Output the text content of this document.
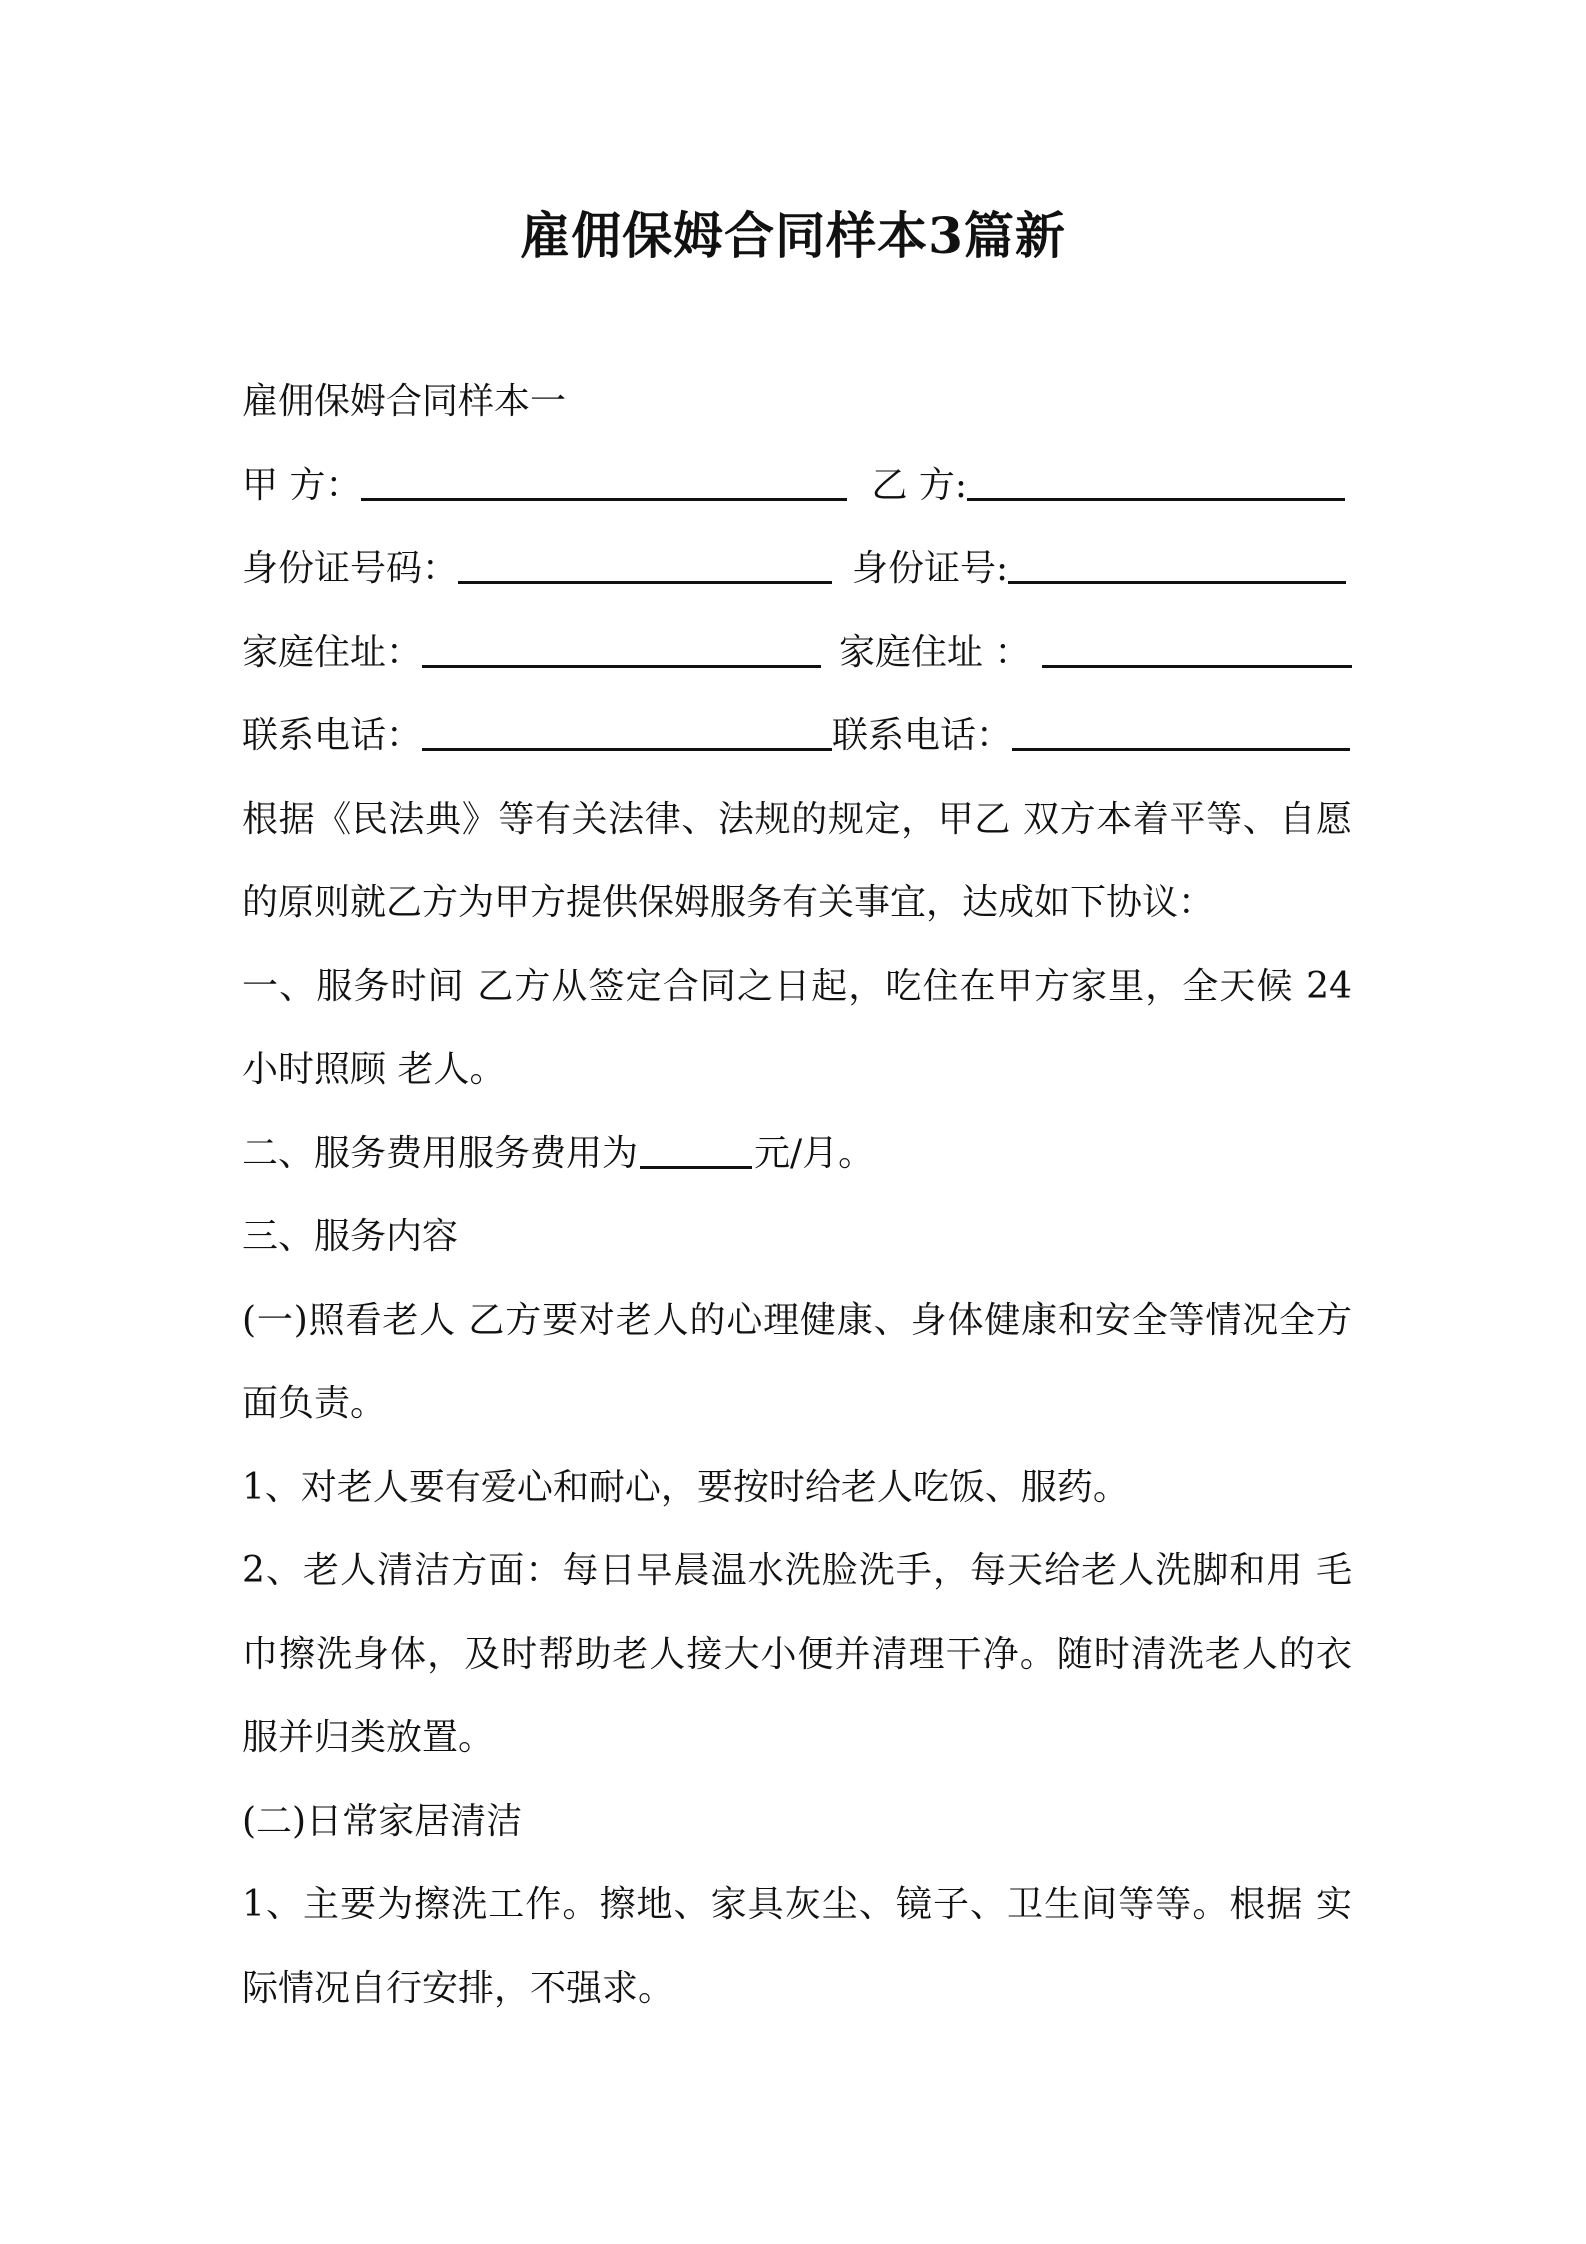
雇佣保姆合同样本3篇新

雇佣保姆合同样本一

甲 方：	乙 方:
身份证号码：	身份证号:
家庭住址：	家庭住址 ：
联系电话：	联系电话：

根据《民法典》等有关法律、法规的规定，甲乙 双方本着平等、自愿的原则就乙方为甲方提供保姆服务有关事宜，达成如下协议：

一、服务时间 乙方从签定合同之日起，吃住在甲方家里，全天候 24小时照顾 老人。

二、服务费用服务费用为	元/月。

三、服务内容

(一)照看老人 乙方要对老人的心理健康、身体健康和安全等情况全方面负责。

1、对老人要有爱心和耐心，要按时给老人吃饭、服药。

2、老人清洁方面：每日早晨温水洗脸洗手，每天给老人洗脚和用 毛巾擦洗身体，及时帮助老人接大小便并清理干净。随时清洗老人的衣服并归类放置。

(二)日常家居清洁

1、主要为擦洗工作。擦地、家具灰尘、镜子、卫生间等等。根据 实际情况自行安排，不强求。
